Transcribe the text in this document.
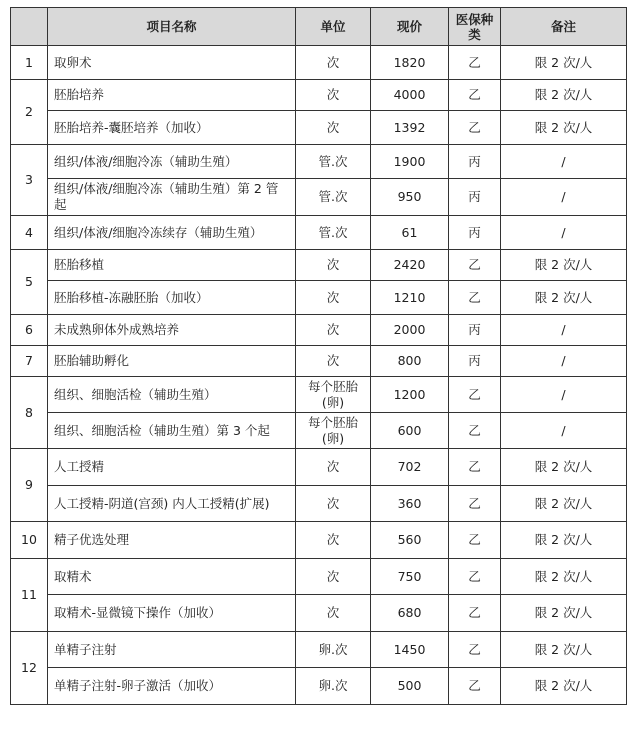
	项目名称	单位	现价	医保种类	备注
1	取卵术	次	1820	乙	限 2 次/人
2	胚胎培养	次	4000	乙	限 2 次/人
	胚胎培养-囊胚培养（加收）	次	1392	乙	限 2 次/人
3	组织/体液/细胞冷冻（辅助生殖）	管.次	1900	丙	/
	组织/体液/细胞冷冻（辅助生殖）第 2 管起	管.次	950	丙	/
4	组织/体液/细胞冷冻续存（辅助生殖）	管.次	61	丙	/
5	胚胎移植	次	2420	乙	限 2 次/人
	胚胎移植-冻融胚胎（加收）	次	1210	乙	限 2 次/人
6	未成熟卵体外成熟培养	次	2000	丙	/
7	胚胎辅助孵化	次	800	丙	/
8	组织、细胞活检（辅助生殖）	每个胚胎(卵)	1200	乙	/
	组织、细胞活检（辅助生殖）第 3 个起	每个胚胎(卵)	600	乙	/
9	人工授精	次	702	乙	限 2 次/人
	人工授精-阴道(宫颈) 内人工授精(扩展)	次	360	乙	限 2 次/人
10	精子优选处理	次	560	乙	限 2 次/人
11	取精术	次	750	乙	限 2 次/人
	取精术-显微镜下操作（加收）	次	680	乙	限 2 次/人
12	单精子注射	卵.次	1450	乙	限 2 次/人
	单精子注射-卵子激活（加收）	卵.次	500	乙	限 2 次/人
